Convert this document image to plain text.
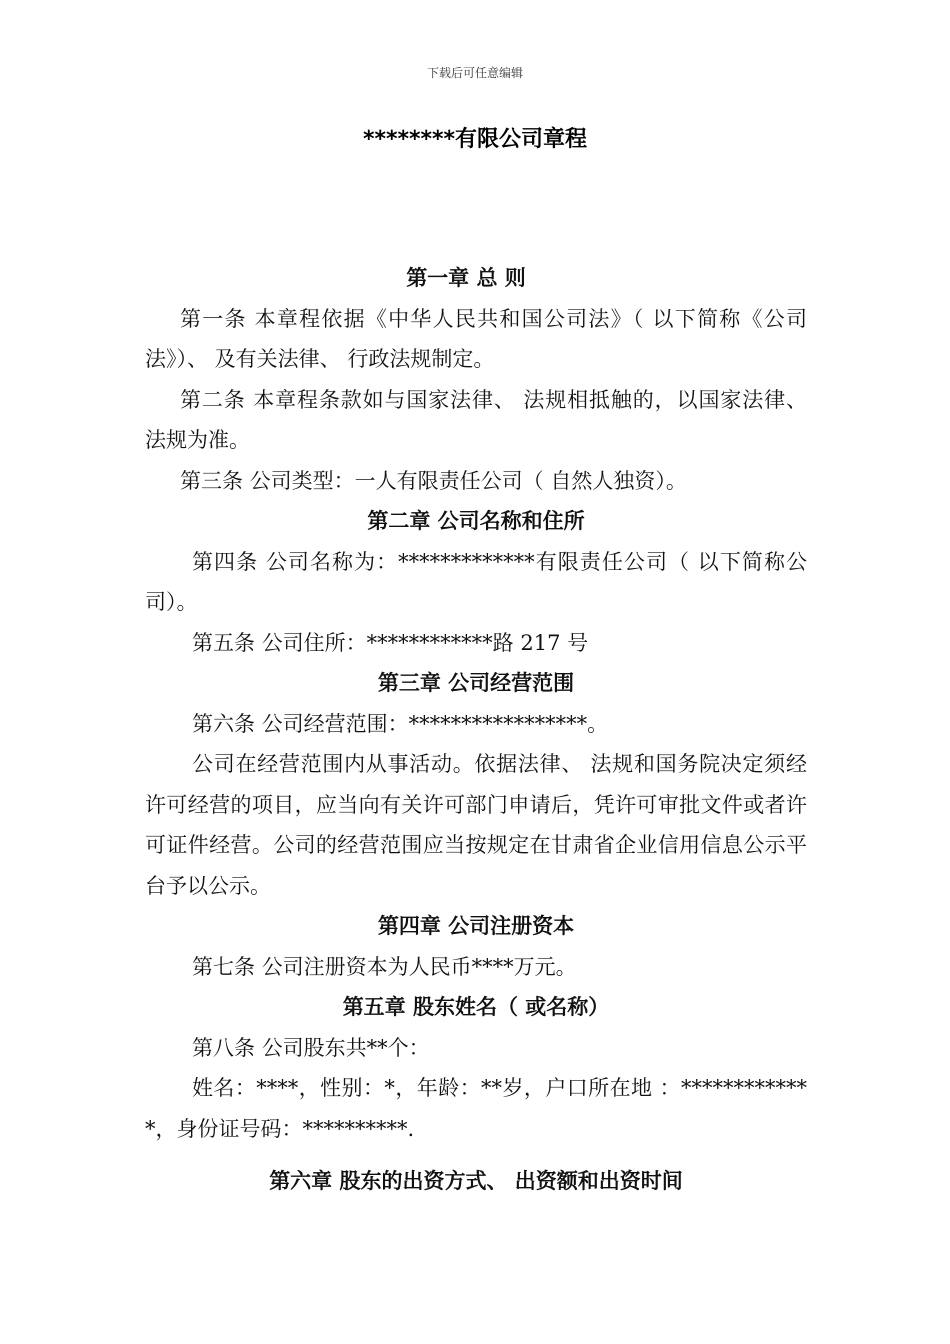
下载后可任意编辑
********有限公司章程

第一章 总 则

第一条 本章程依据《中华人民共和国公司法》（ 以下简称《公司法》）、 及有关法律、 行政法规制定。

第二条 本章程条款如与国家法律、 法规相抵触的，以国家法律、 法规为准。

第三条 公司类型：一人有限责任公司（ 自然人独资）。

第二章 公司名称和住所

第四条 公司名称为：*************有限责任公司（ 以下简称公司）。

第五条 公司住所：************路 217 号

第三章 公司经营范围

第六条 公司经营范围：*****************。

公司在经营范围内从事活动。依据法律、 法规和国务院决定须经许可经营的项目，应当向有关许可部门申请后，凭许可审批文件或者许可证件经营。公司的经营范围应当按规定在甘肃省企业信用信息公示平台予以公示。

第四章 公司注册资本

第七条 公司注册资本为人民币****万元。

第五章 股东姓名（ 或名称）

第八条 公司股东共**个：

姓名：****，性别：*，年龄：**岁，户口所在地 ：*************，身份证号码：**********.

第六章 股东的出资方式、 出资额和出资时间
